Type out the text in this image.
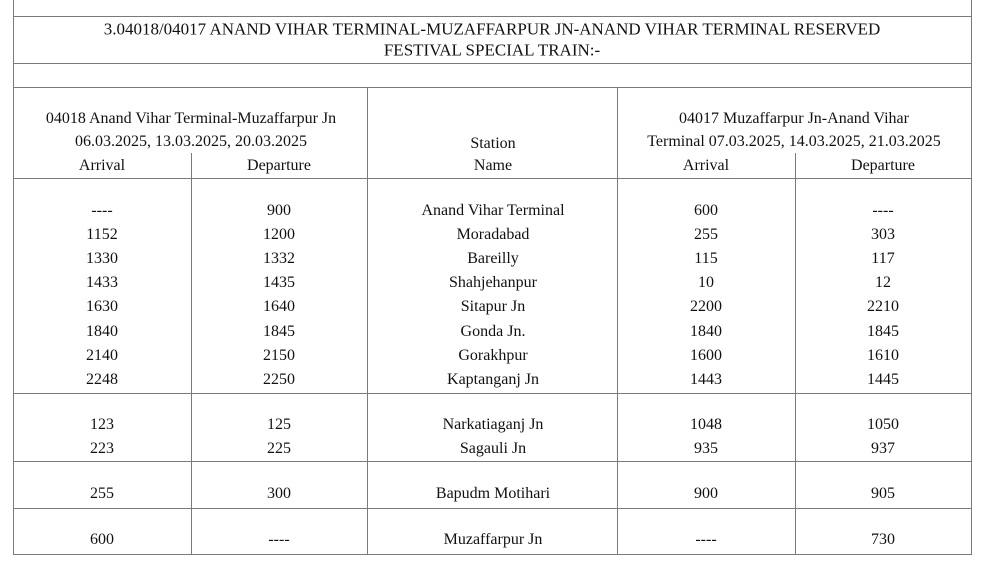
3.04018/04017 ANAND VIHAR TERMINAL-MUZAFFARPUR JN-ANAND VIHAR TERMINAL RESERVED
FESTIVAL SPECIAL TRAIN:-
04018 Anand Vihar Terminal-Muzaffarpur Jn
06.03.2025, 13.03.2025, 20.03.2025	Station
Name
04017 Muzaffarpur Jn-Anand Vihar
Terminal 07.03.2025, 14.03.2025, 21.03.2025
Arrival	Departure	Arrival	Departure
----	900	Anand Vihar Terminal	600	----
1152	1200	Moradabad	255	303
1330	1332	Bareilly	115	117
1433	1435	Shahjehanpur	10	12
1630	1640	Sitapur Jn	2200	2210
1840	1845	Gonda Jn.	1840	1845
2140	2150	Gorakhpur	1600	1610
2248	2250	Kaptanganj Jn	1443	1445
123	125	Narkatiaganj Jn	1048	1050
223	225	Sagauli Jn	935	937
255	300	Bapudm Motihari	900	905
600	----	Muzaffarpur Jn	----	730
